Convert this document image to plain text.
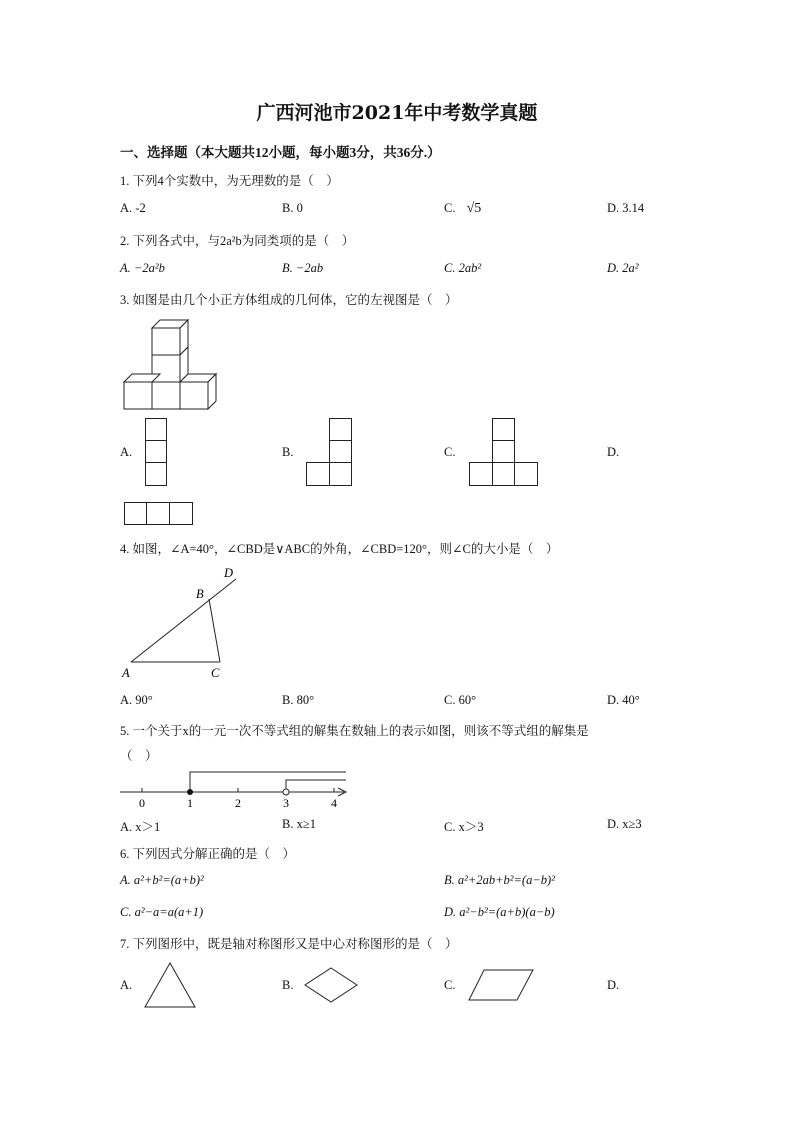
广西河池市2021年中考数学真题
一、选择题（本大题共12小题，每小题3分，共36分.）
1. 下列4个实数中，为无理数的是（　）
A. -2	B. 0	C. √5	D. 3.14
2. 下列各式中，与2a²b为同类项的是（　）
A. −2a²b	B. −2ab	C. 2ab²	D. 2a²
3. 如图是由几个小正方体组成的几何体，它的左视图是（　）
A.	B.	C.	D.
4. 如图，∠A=40°，∠CBD是∨ABC的外角，∠CBD=120°，则∠C的大小是（　）
A
B
C
D
A. 90°	B. 80°	C. 60°	D. 40°
5. 一个关于x的一元一次不等式组的解集在数轴上的表示如图，则该不等式组的解集是
（　）
0	1	2	3	4
A. x＞1	B. x≥1	C. x＞3	D. x≥3
6. 下列因式分解正确的是（　）
A. a²+b²=(a+b)²	B. a²+2ab+b²=(a−b)²
C. a²−a=a(a+1)	D. a²−b²=(a+b)(a−b)
7. 下列图形中，既是轴对称图形又是中心对称图形的是（　）
A.	B.	C.	D.
